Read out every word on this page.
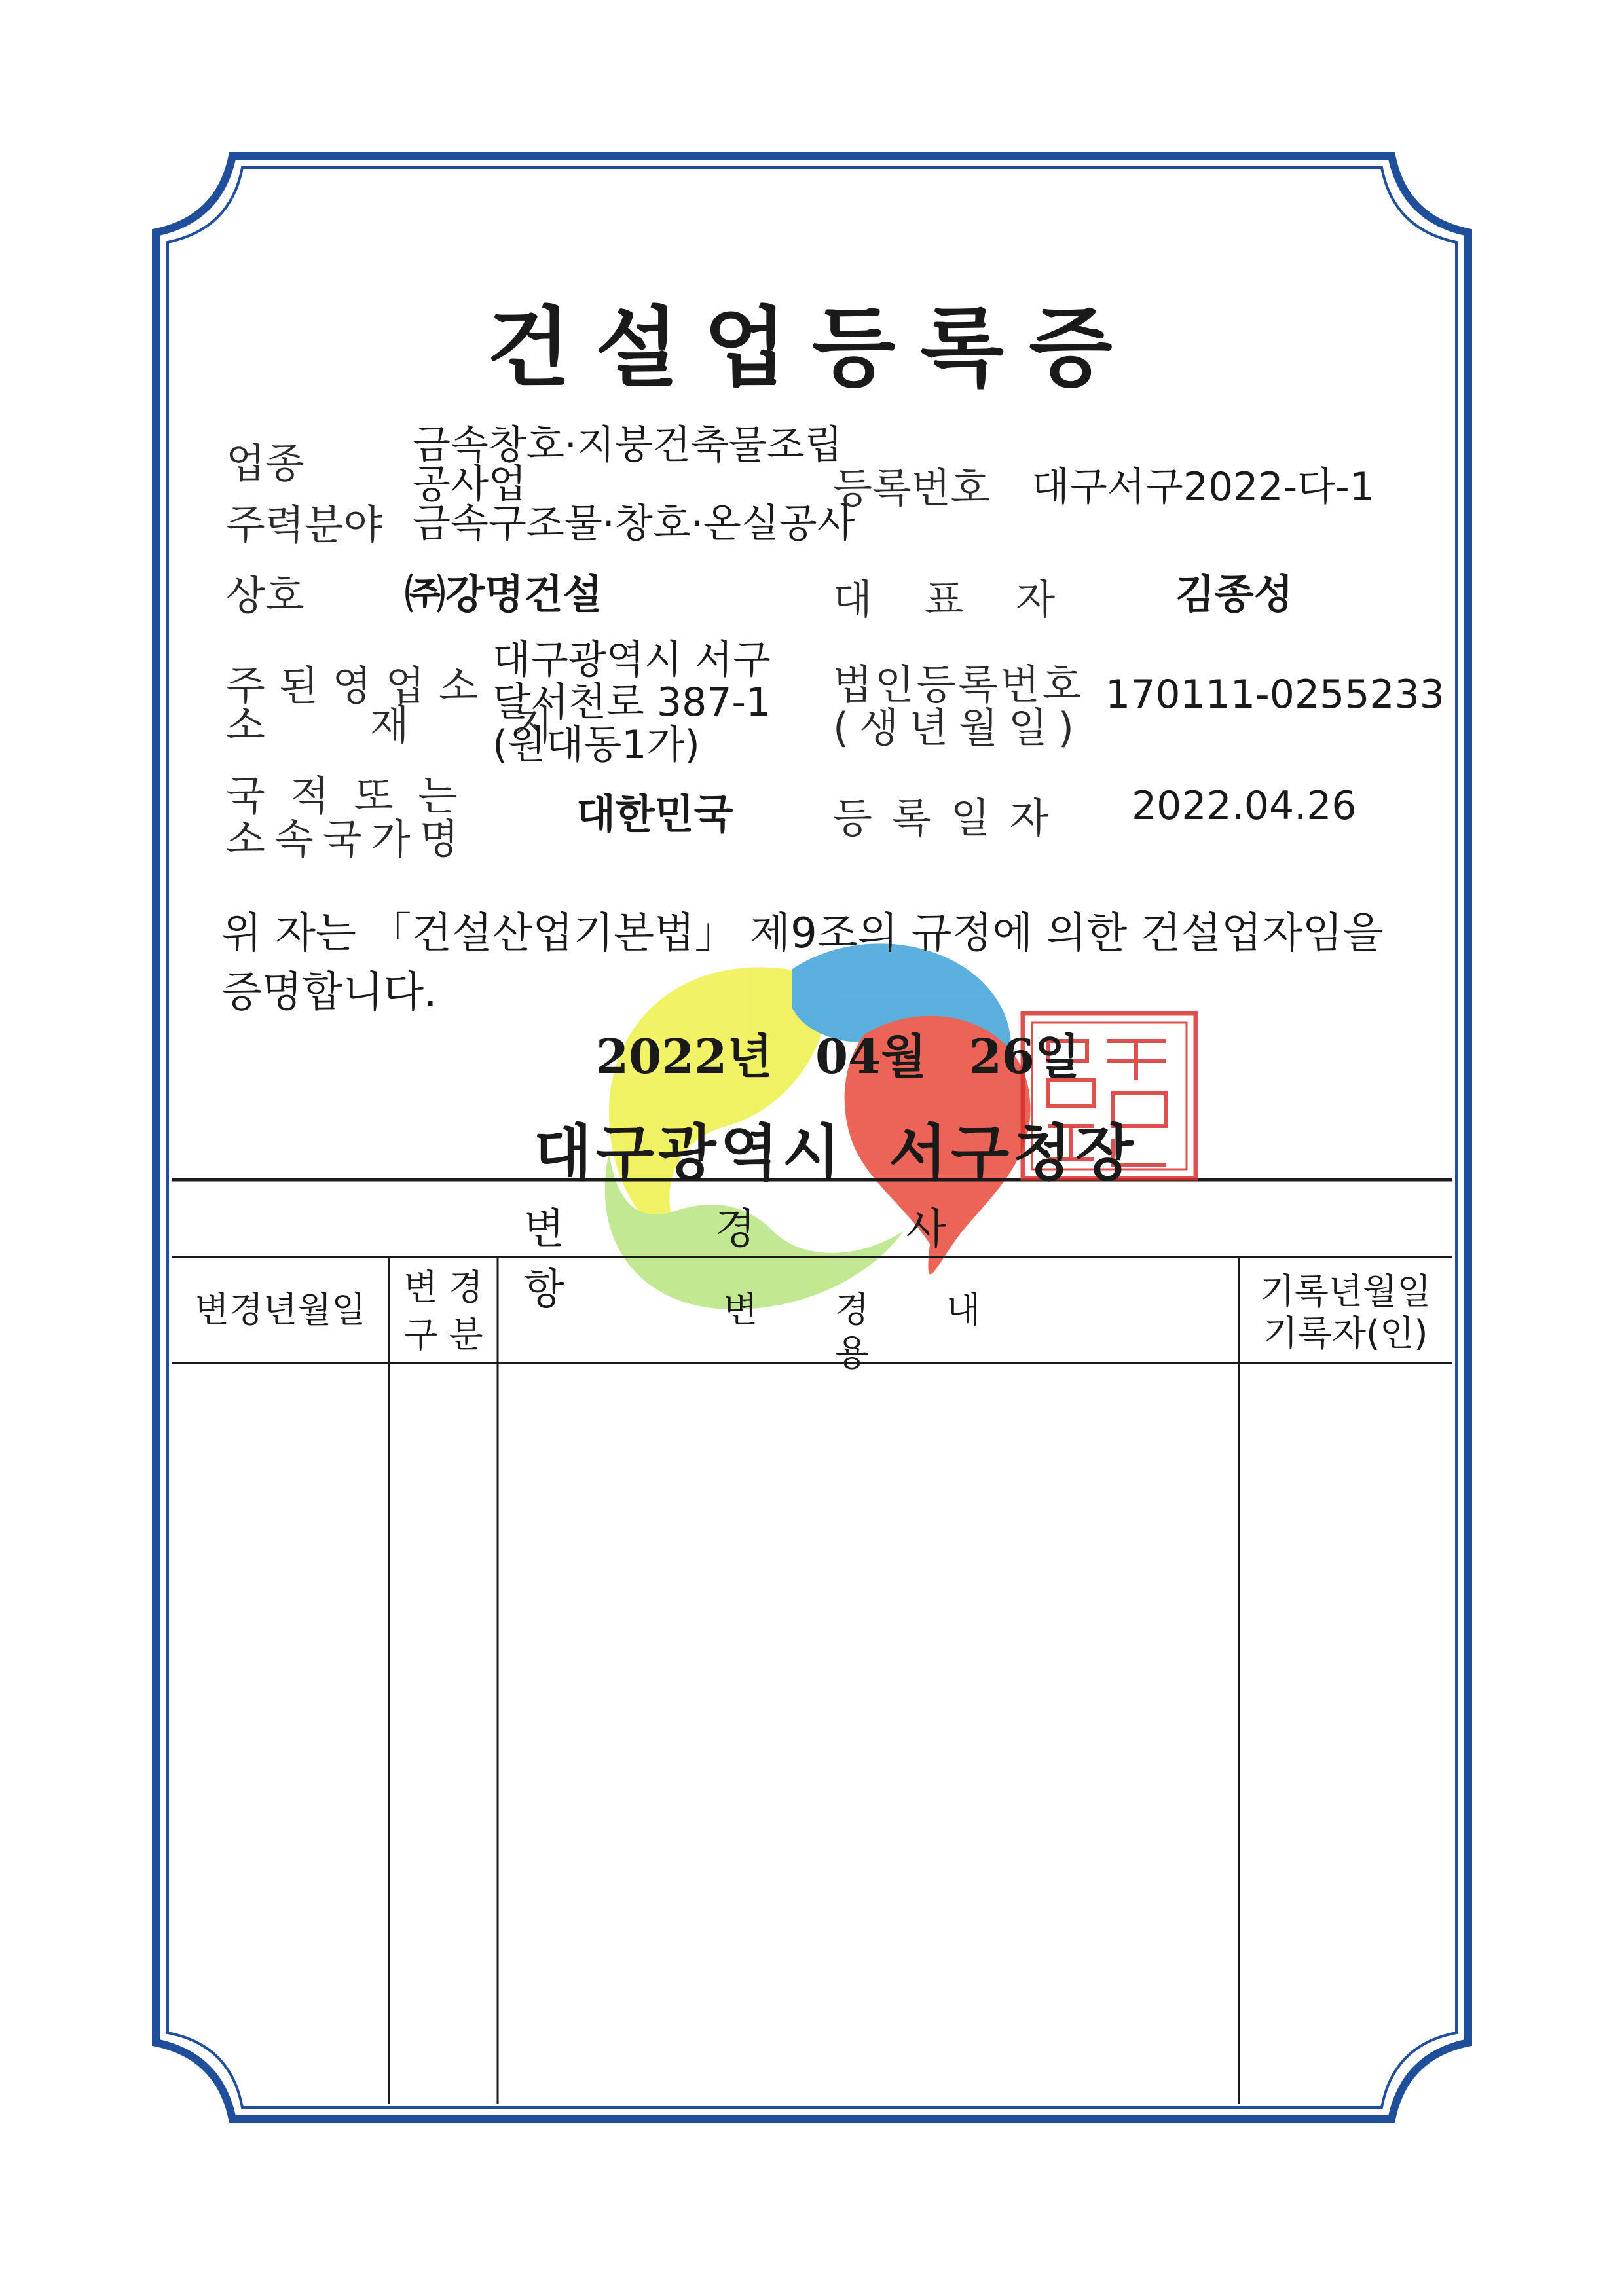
건설업등록증
업종	금속창호·지붕건축물조립
공사업
주력분야 금속구조물·창호·온실공사
등록번호 대구서구2022-다-1
상호 ㈜강명건설	대 표 자 김종성
주 된 영 업 소
소 재 지
대구광역시 서구
달서천로 387-1
(원대동1가)
법인등록번호
(생년월일)
170111-0255233
국적또는
소속국가명
대한민국 등록일자 2022.04.26
위 자는 「건설산업기본법」 제9조의 규정에 의한 건설업자임을
증명합니다.
2022년 04월 26일
대구광역시 서구청장
변경사항
변경년월일
변 경
구 분
변경내용
기록년월일
기록자(인)
